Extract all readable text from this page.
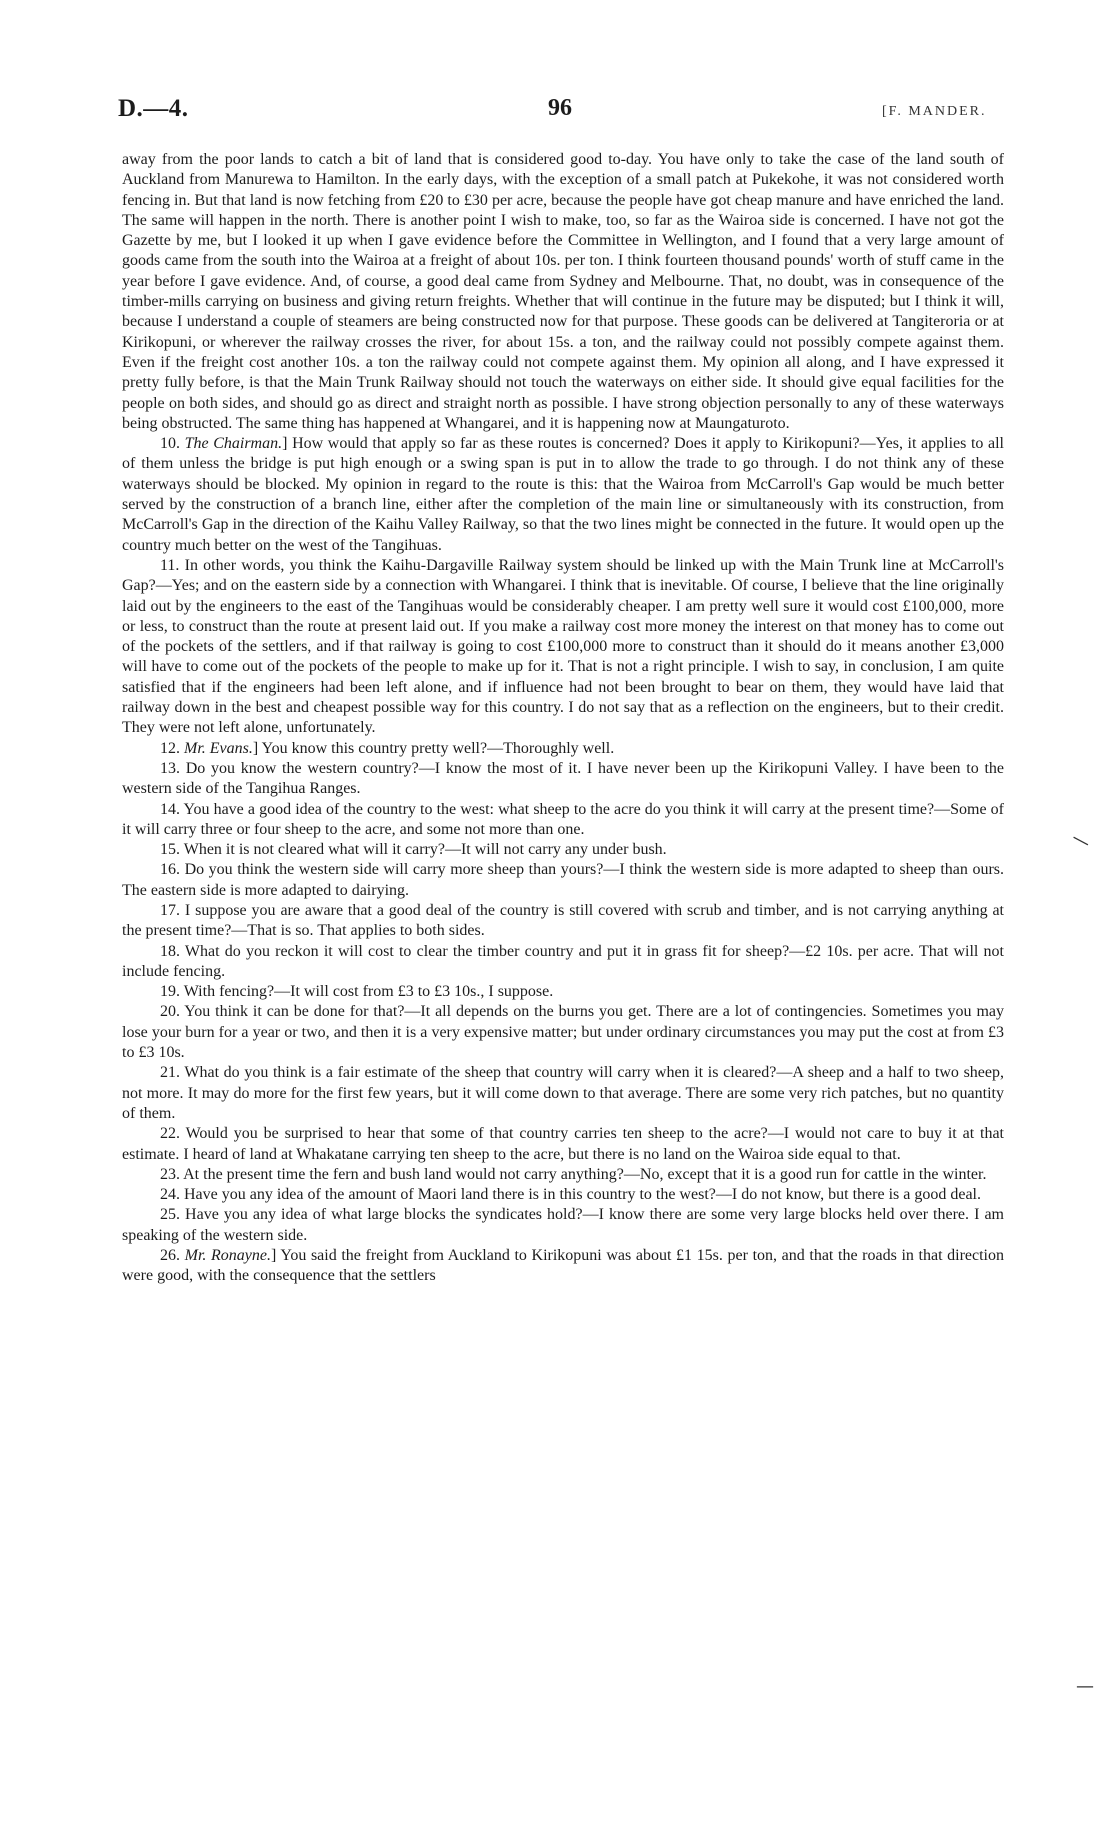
D.—4.	96	[F. MANDER.

away from the poor lands to catch a bit of land that is considered good to-day. You have only to take the case of the land south of Auckland from Manurewa to Hamilton. In the early days, with the exception of a small patch at Pukekohe, it was not considered worth fencing in. But that land is now fetching from £20 to £30 per acre, because the people have got cheap manure and have enriched the land. The same will happen in the north. There is another point I wish to make, too, so far as the Wairoa side is concerned. I have not got the Gazette by me, but I looked it up when I gave evidence before the Committee in Wellington, and I found that a very large amount of goods came from the south into the Wairoa at a freight of about 10s. per ton. I think fourteen thousand pounds' worth of stuff came in the year before I gave evidence. And, of course, a good deal came from Sydney and Melbourne. That, no doubt, was in consequence of the timber-mills carrying on business and giving return freights. Whether that will continue in the future may be disputed; but I think it will, because I understand a couple of steamers are being constructed now for that purpose. These goods can be delivered at Tangiteroria or at Kirikopuni, or wherever the railway crosses the river, for about 15s. a ton, and the railway could not possibly compete against them. Even if the freight cost another 10s. a ton the railway could not compete against them. My opinion all along, and I have expressed it pretty fully before, is that the Main Trunk Railway should not touch the waterways on either side. It should give equal facilities for the people on both sides, and should go as direct and straight north as possible. I have strong objection personally to any of these waterways being obstructed. The same thing has happened at Whangarei, and it is happening now at Maungaturoto.

10. The Chairman.] How would that apply so far as these routes is concerned? Does it apply to Kirikopuni?—Yes, it applies to all of them unless the bridge is put high enough or a swing span is put in to allow the trade to go through. I do not think any of these waterways should be blocked. My opinion in regard to the route is this: that the Wairoa from McCarroll's Gap would be much better served by the construction of a branch line, either after the completion of the main line or simultaneously with its construction, from McCarroll's Gap in the direction of the Kaihu Valley Railway, so that the two lines might be connected in the future. It would open up the country much better on the west of the Tangihuas.

11. In other words, you think the Kaihu-Dargaville Railway system should be linked up with the Main Trunk line at McCarroll's Gap?—Yes; and on the eastern side by a connection with Whangarei. I think that is inevitable. Of course, I believe that the line originally laid out by the engineers to the east of the Tangihuas would be considerably cheaper. I am pretty well sure it would cost £100,000, more or less, to construct than the route at present laid out. If you make a railway cost more money the interest on that money has to come out of the pockets of the settlers, and if that railway is going to cost £100,000 more to construct than it should do it means another £3,000 will have to come out of the pockets of the people to make up for it. That is not a right principle. I wish to say, in conclusion, I am quite satisfied that if the engineers had been left alone, and if influence had not been brought to bear on them, they would have laid that railway down in the best and cheapest possible way for this country. I do not say that as a reflection on the engineers, but to their credit. They were not left alone, unfortunately.

12. Mr. Evans.] You know this country pretty well?—Thoroughly well.

13. Do you know the western country?—I know the most of it. I have never been up the Kirikopuni Valley. I have been to the western side of the Tangihua Ranges.

14. You have a good idea of the country to the west: what sheep to the acre do you think it will carry at the present time?—Some of it will carry three or four sheep to the acre, and some not more than one.

15. When it is not cleared what will it carry?—It will not carry any under bush.

16. Do you think the western side will carry more sheep than yours?—I think the western side is more adapted to sheep than ours. The eastern side is more adapted to dairying.

17. I suppose you are aware that a good deal of the country is still covered with scrub and timber, and is not carrying anything at the present time?—That is so. That applies to both sides.

18. What do you reckon it will cost to clear the timber country and put it in grass fit for sheep?—£2 10s. per acre. That will not include fencing.

19. With fencing?—It will cost from £3 to £3 10s., I suppose.

20. You think it can be done for that?—It all depends on the burns you get. There are a lot of contingencies. Sometimes you may lose your burn for a year or two, and then it is a very expensive matter; but under ordinary circumstances you may put the cost at from £3 to £3 10s.

21. What do you think is a fair estimate of the sheep that country will carry when it is cleared?—A sheep and a half to two sheep, not more. It may do more for the first few years, but it will come down to that average. There are some very rich patches, but no quantity of them.

22. Would you be surprised to hear that some of that country carries ten sheep to the acre?—I would not care to buy it at that estimate. I heard of land at Whakatane carrying ten sheep to the acre, but there is no land on the Wairoa side equal to that.

23. At the present time the fern and bush land would not carry anything?—No, except that it is a good run for cattle in the winter.

24. Have you any idea of the amount of Maori land there is in this country to the west?—I do not know, but there is a good deal.

25. Have you any idea of what large blocks the syndicates hold?—I know there are some very large blocks held over there. I am speaking of the western side.

26. Mr. Ronayne.] You said the freight from Auckland to Kirikopuni was about £1 15s. per ton, and that the roads in that direction were good, with the consequence that the settlers

—
—
